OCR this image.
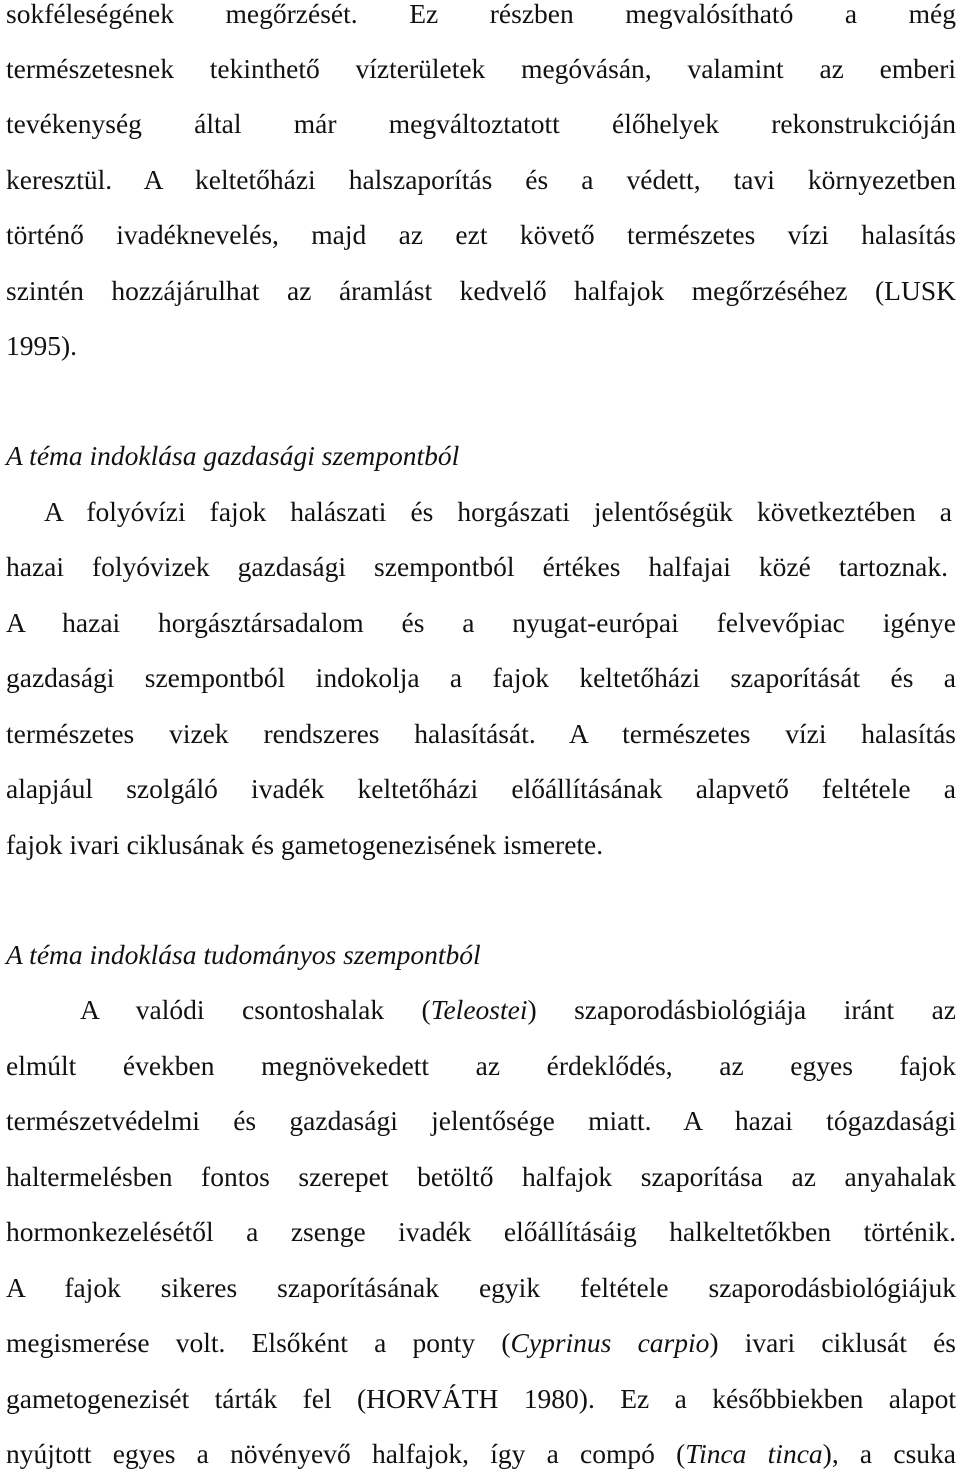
sokféleségének megőrzését. Ez részben megvalósítható a még
természetesnek tekinthető vízterületek megóvásán, valamint az emberi
tevékenység által már megváltoztatott élőhelyek rekonstrukcióján
keresztül. A keltetőházi halszaporítás és a védett, tavi környezetben
történő ivadéknevelés, majd az ezt követő természetes vízi halasítás
szintén hozzájárulhat az áramlást kedvelő halfajok megőrzéséhez (LUSK
1995).
A téma indoklása gazdasági szempontból
A folyóvízi fajok halászati és horgászati jelentőségük következtében a
hazai folyóvizek gazdasági szempontból értékes halfajai közé tartoznak.
A hazai horgásztársadalom és a nyugat-európai felvevőpiac igénye
gazdasági szempontból indokolja a fajok keltetőházi szaporítását és a
természetes vizek rendszeres halasítását. A természetes vízi halasítás
alapjául szolgáló ivadék keltetőházi előállításának alapvető feltétele a
fajok ivari ciklusának és gametogenezisének ismerete.
A téma indoklása tudományos szempontból
A valódi csontoshalak (Teleostei) szaporodásbiológiája iránt az
elmúlt években megnövekedett az érdeklődés, az egyes fajok
természetvédelmi és gazdasági jelentősége miatt. A hazai tógazdasági
haltermelésben fontos szerepet betöltő halfajok szaporítása az anyahalak
hormonkezelésétől a zsenge ivadék előállításáig halkeltetőkben történik.
A fajok sikeres szaporításának egyik feltétele szaporodásbiológiájuk
megismerése volt. Elsőként a ponty (Cyprinus carpio) ivari ciklusát és
gametogenezisét tárták fel (HORVÁTH 1980). Ez a későbbiekben alapot
nyújtott egyes a növényevő halfajok, így a compó (Tinca tinca), a csuka
